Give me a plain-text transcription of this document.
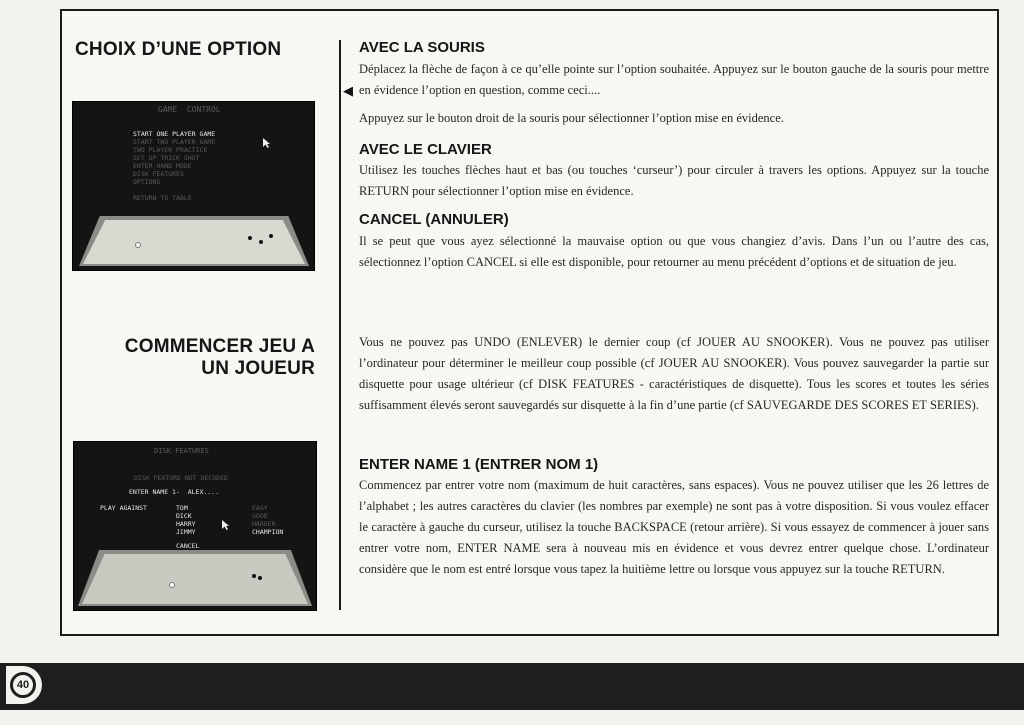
CHOIX D’UNE OPTION
COMMENCER JEU A
UN JOUEUR
GAME  CONTROL
START ONE PLAYER GAME
START TWO PLAYER GAME
TWO PLAYER PRACTICE
SET UP TRICK SHOT
ENTER HAND MODE
DISK FEATURES
OPTIONS
RETURN TO TABLE
DISK FEATURES
DISK FEATURE NOT DECODED
ENTER NAME 1-  ALEX....
PLAY AGAINST	TOM
DICK
HARRY
JIMMY
EASY
GOOD
HARDER
CHAMPION
CANCEL
AVEC LA SOURIS
◀
Déplacez la flèche de façon à ce qu’elle pointe sur l’option souhaitée. Appuyez sur le bouton gauche de la souris pour mettre en évidence l’option en question, comme ceci....
Appuyez sur le bouton droit de la souris pour sélectionner l’option mise en évidence.
AVEC LE CLAVIER
Utilisez les touches flèches haut et bas (ou touches ‘curseur’) pour circuler à travers les options. Appuyez sur la touche RETURN pour sélectionner l’option mise en évidence.
CANCEL (ANNULER)
Il se peut que vous ayez sélectionné la mauvaise option ou que vous changiez d’avis. Dans l’un ou l’autre des cas, sélectionnez l’option CANCEL si elle est disponible, pour retourner au menu précédent d’options et de situation de jeu.
Vous ne pouvez pas UNDO (ENLEVER) le dernier coup (cf JOUER AU SNOOKER). Vous ne pouvez pas utiliser l’ordinateur pour déterminer le meilleur coup possible (cf JOUER AU SNOOKER). Vous pouvez sauvegarder la partie sur disquette pour usage ultérieur (cf DISK FEATURES - caractéristiques de disquette). Tous les scores et toutes les séries suffisamment élevés seront sauvegardés sur disquette à la fin d’une partie (cf SAUVEGARDE DES SCORES ET SERIES).
ENTER NAME 1 (ENTRER NOM 1)
Commencez par entrer votre nom (maximum de huit caractères, sans espaces). Vous ne pouvez utiliser que les 26 lettres de l’alphabet ; les autres caractères du clavier (les nombres par exemple) ne sont pas à votre disposition. Si vous voulez effacer le caractère à gauche du curseur, utilisez la touche BACKSPACE (retour arrière). Si vous essayez de commencer à jouer sans entrer votre nom, ENTER NAME sera à nouveau mis en évidence et vous devrez entrer quelque chose. L’ordinateur considère que le nom est entré lorsque vous tapez la huitième lettre ou lorsque vous appuyez sur la touche RETURN.
40
